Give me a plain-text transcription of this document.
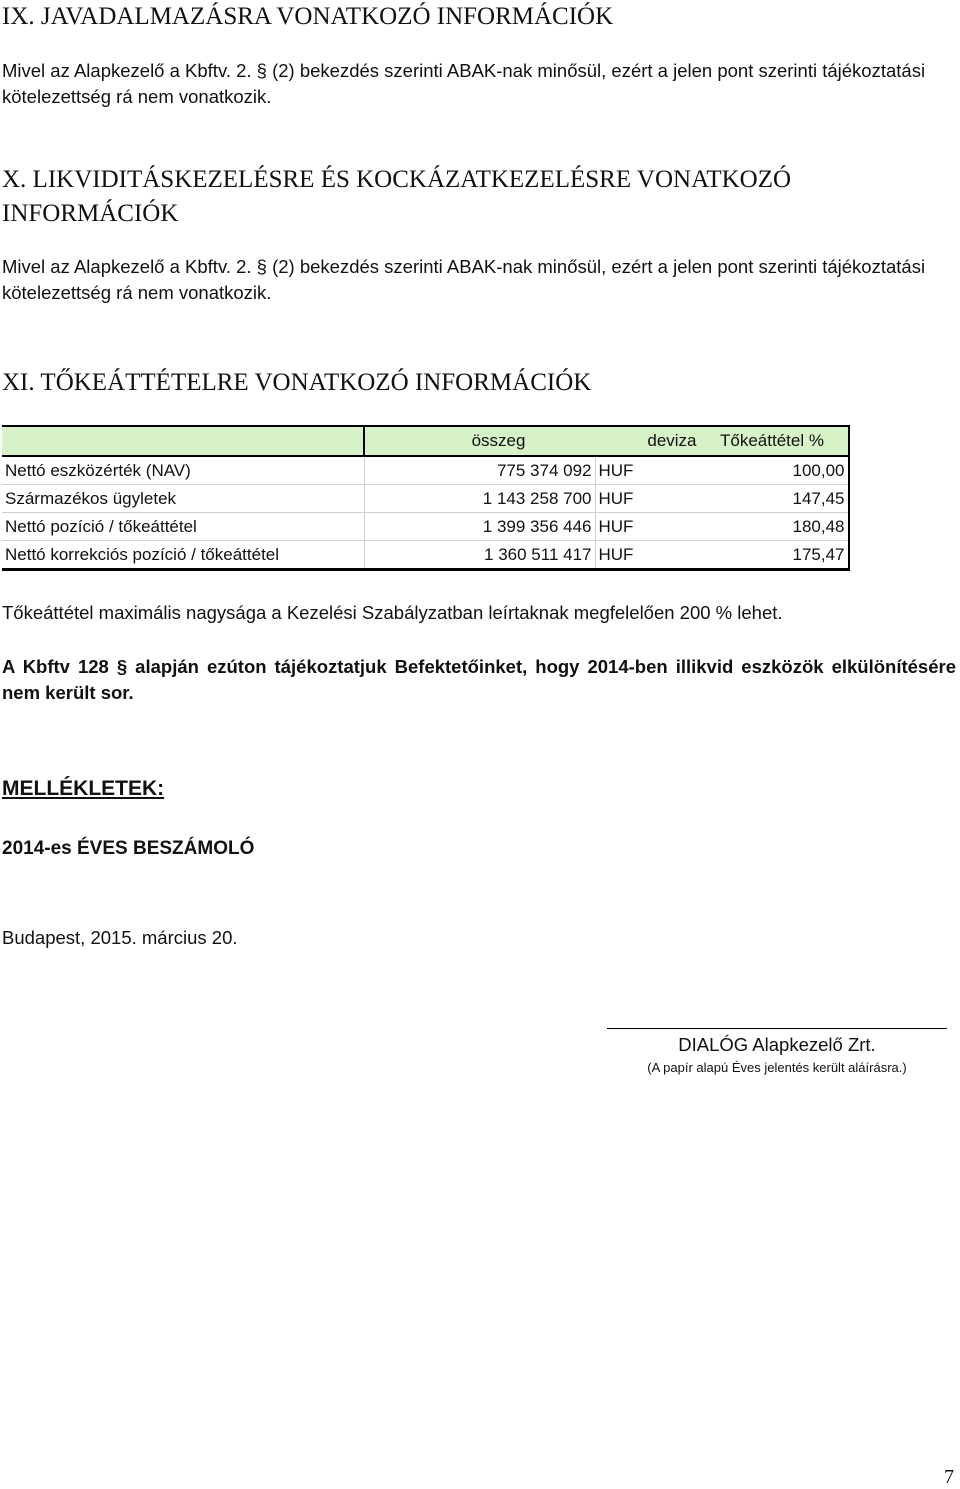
IX. JAVADALMAZÁSRA VONATKOZÓ INFORMÁCIÓK

Mivel az Alapkezelő a Kbftv. 2. § (2) bekezdés szerinti ABAK-nak minősül, ezért a jelen pont szerinti tájékoztatási kötelezettség rá nem vonatkozik.

X. LIKVIDITÁSKEZELÉSRE ÉS KOCKÁZATKEZELÉSRE VONATKOZÓ INFORMÁCIÓK

Mivel az Alapkezelő a Kbftv. 2. § (2) bekezdés szerinti ABAK-nak minősül, ezért a jelen pont szerinti tájékoztatási kötelezettség rá nem vonatkozik.

XI. TŐKEÁTTÉTELRE VONATKOZÓ INFORMÁCIÓK
	összeg	deviza	Tőkeáttétel %
Nettó eszközérték (NAV)	775 374 092	HUF	100,00
Származékos ügyletek	1 143 258 700	HUF	147,45
Nettó pozíció / tőkeáttétel	1 399 356 446	HUF	180,48
Nettó korrekciós pozíció / tőkeáttétel	1 360 511 417	HUF	175,47

Tőkeáttétel maximális nagysága a Kezelési Szabályzatban leírtaknak megfelelően 200 % lehet.

A Kbftv 128 § alapján ezúton tájékoztatjuk Befektetőinket, hogy 2014-ben illikvid eszközök elkülönítésére nem került sor.

MELLÉKLETEK:

2014-es ÉVES BESZÁMOLÓ

Budapest, 2015. március 20.

DIALÓG Alapkezelő Zrt.
(A papír alapú Éves jelentés került aláírásra.)
7
